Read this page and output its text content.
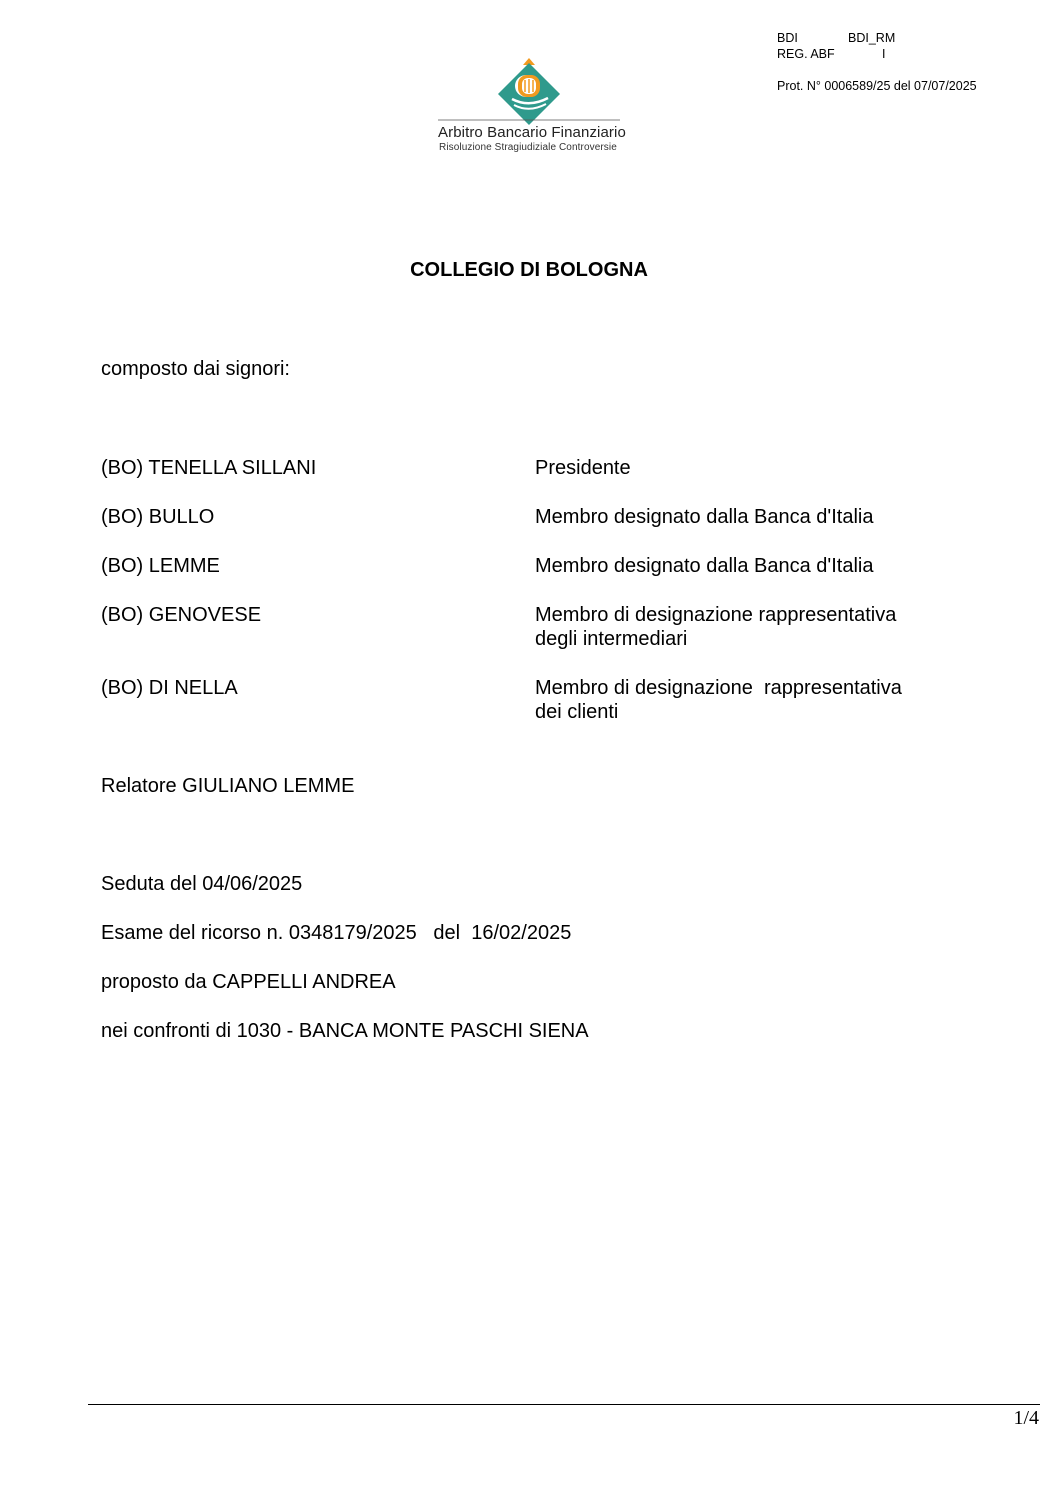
BDI	BDI_RM
REG. ABF	I
Prot. N° 0006589/25 del 07/07/2025
Arbitro Bancario Finanziario
Risoluzione Stragiudiziale Controversie
COLLEGIO DI BOLOGNA
composto dai signori:
(BO) TENELLA SILLANI	Presidente
(BO) BULLO	Membro designato dalla Banca d'Italia
(BO) LEMME	Membro designato dalla Banca d'Italia
(BO) GENOVESE	Membro di designazione rappresentativa
degli intermediari
(BO) DI NELLA	Membro di designazione  rappresentativa
dei clienti
Relatore GIULIANO LEMME
Seduta del 04/06/2025
Esame del ricorso n. 0348179/2025   del  16/02/2025
proposto da CAPPELLI ANDREA
nei confronti di 1030 - BANCA MONTE PASCHI SIENA
1/4
